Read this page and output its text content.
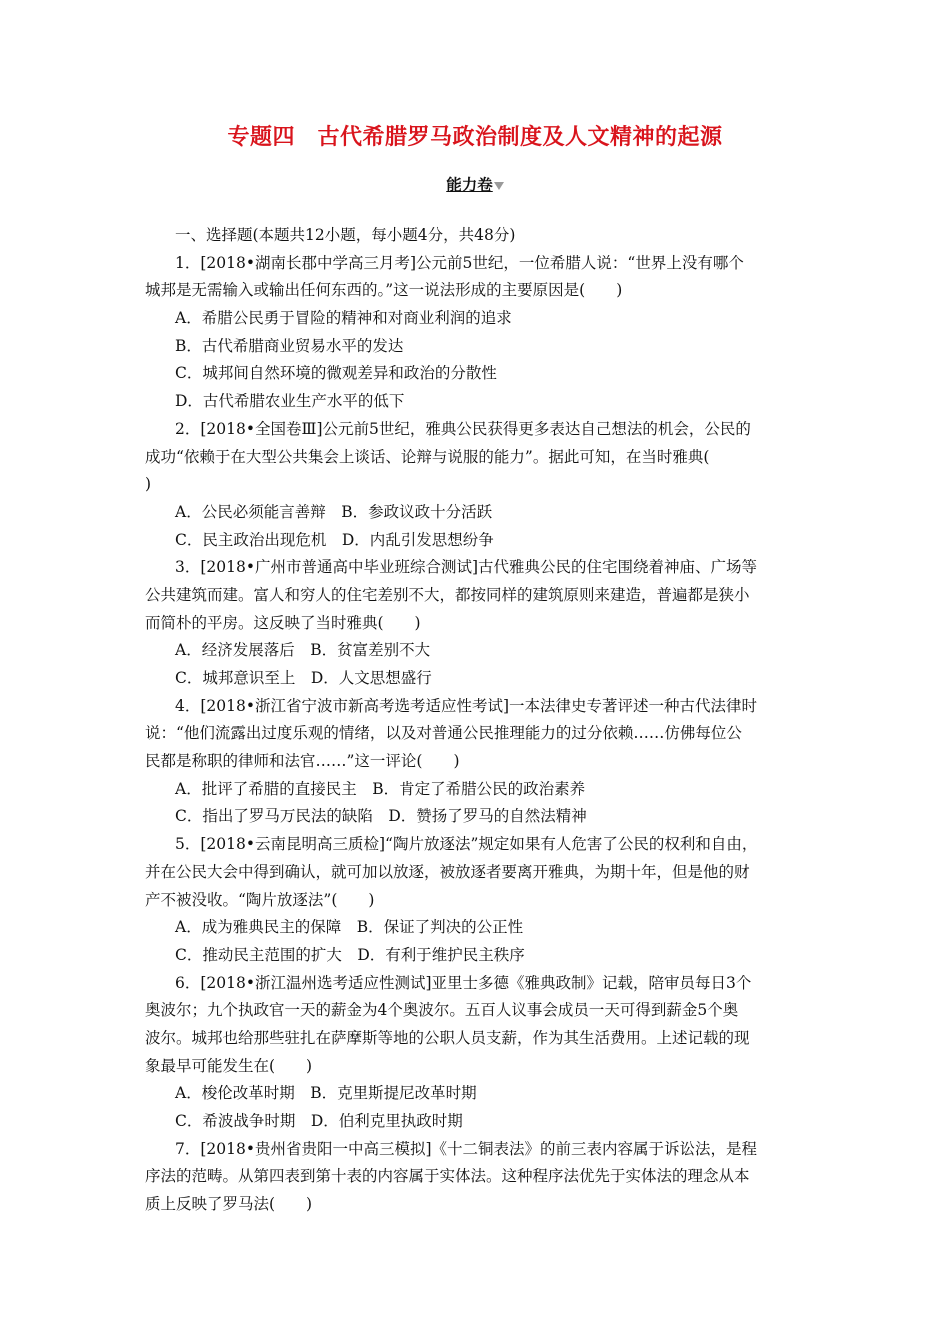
专题四　古代希腊罗马政治制度及人文精神的起源
能力卷
一、选择题(本题共12小题，每小题4分，共48分)
1．[2018•湖南长郡中学高三月考]公元前5世纪，一位希腊人说：“世界上没有哪个
城邦是无需输入或输出任何东西的。”这一说法形成的主要原因是(　　)
A．希腊公民勇于冒险的精神和对商业利润的追求
B．古代希腊商业贸易水平的发达
C．城邦间自然环境的微观差异和政治的分散性
D．古代希腊农业生产水平的低下
2．[2018•全国卷Ⅲ]公元前5世纪，雅典公民获得更多表达自己想法的机会，公民的
成功“依赖于在大型公共集会上谈话、论辩与说服的能力”。据此可知，在当时雅典(
)
A．公民必须能言善辩　B．参政议政十分活跃
C．民主政治出现危机　D．内乱引发思想纷争
3．[2018•广州市普通高中毕业班综合测试]古代雅典公民的住宅围绕着神庙、广场等
公共建筑而建。富人和穷人的住宅差别不大，都按同样的建筑原则来建造，普遍都是狭小
而简朴的平房。这反映了当时雅典(　　)
A．经济发展落后　B．贫富差别不大
C．城邦意识至上　D．人文思想盛行
4．[2018•浙江省宁波市新高考选考适应性考试]一本法律史专著评述一种古代法律时
说：“他们流露出过度乐观的情绪，以及对普通公民推理能力的过分依赖……仿佛每位公
民都是称职的律师和法官……”这一评论(　　)
A．批评了希腊的直接民主　B．肯定了希腊公民的政治素养
C．指出了罗马万民法的缺陷　D．赞扬了罗马的自然法精神
5．[2018•云南昆明高三质检]“陶片放逐法”规定如果有人危害了公民的权利和自由，
并在公民大会中得到确认，就可加以放逐，被放逐者要离开雅典，为期十年，但是他的财
产不被没收。“陶片放逐法”(　　)
A．成为雅典民主的保障　B．保证了判决的公正性
C．推动民主范围的扩大　D．有利于维护民主秩序
6．[2018•浙江温州选考适应性测试]亚里士多德《雅典政制》记载，陪审员每日3个
奥波尔；九个执政官一天的薪金为4个奥波尔。五百人议事会成员一天可得到薪金5个奥
波尔。城邦也给那些驻扎在萨摩斯等地的公职人员支薪，作为其生活费用。上述记载的现
象最早可能发生在(　　)
A．梭伦改革时期　B．克里斯提尼改革时期
C．希波战争时期　D．伯利克里执政时期
7．[2018•贵州省贵阳一中高三模拟]《十二铜表法》的前三表内容属于诉讼法，是程
序法的范畴。从第四表到第十表的内容属于实体法。这种程序法优先于实体法的理念从本
质上反映了罗马法(　　)
